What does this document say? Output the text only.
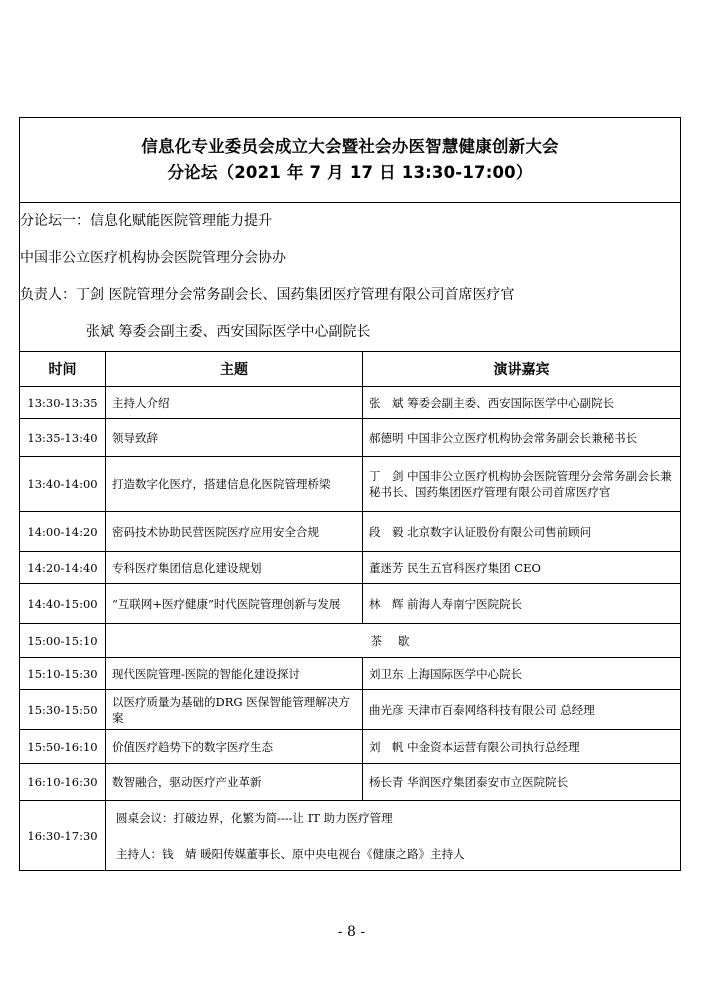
信息化专业委员会成立大会暨社会办医智慧健康创新大会
分论坛（2021 年 7 月 17 日 13:30-17:00）		

分论坛一：信息化赋能医院管理能力提升
中国非公立医疗机构协会医院管理分会协办
负责人：丁剑 医院管理分会常务副会长、国药集团医疗管理有限公司首席医疗官
张斌 筹委会副主委、西安国际医学中心副院长		

时间	主题	演讲嘉宾
13:30-13:35	主持人介绍	张　斌 筹委会副主委、西安国际医学中心副院长
13:35-13:40	领导致辞	郝德明 中国非公立医疗机构协会常务副会长兼秘书长
13:40-14:00	打造数字化医疗，搭建信息化医院管理桥梁	丁　剑 中国非公立医疗机构协会医院管理分会常务副会长兼秘书长、国药集团医疗管理有限公司首席医疗官
14:00-14:20	密码技术协助民营医院医疗应用安全合规	段　毅 北京数字认证股份有限公司售前顾问
14:20-14:40	专科医疗集团信息化建设规划	董迷芳 民生五官科医疗集团 CEO
14:40-15:00	“互联网+医疗健康”时代医院管理创新与发展	林　辉 前海人寿南宁医院院长
15:00-15:10	茶 歇	
15:10-15:30	现代医院管理-医院的智能化建设探讨	刘卫东 上海国际医学中心院长
15:30-15:50	以医疗质量为基础的DRG 医保智能管理解决方案	曲光彦 天津市百泰网络科技有限公司 总经理
15:50-16:10	价值医疗趋势下的数字医疗生态	刘　帆 中金资本运营有限公司执行总经理
16:10-16:30	数智融合，驱动医疗产业革新	杨长青 华润医疗集团泰安市立医院院长
16:30-17:30	圆桌会议：打破边界，化繁为简----让 IT 助力医疗管理
主持人：钱　婧 暖阳传媒董事长、原中央电视台《健康之路》主持人	
- 8 -
